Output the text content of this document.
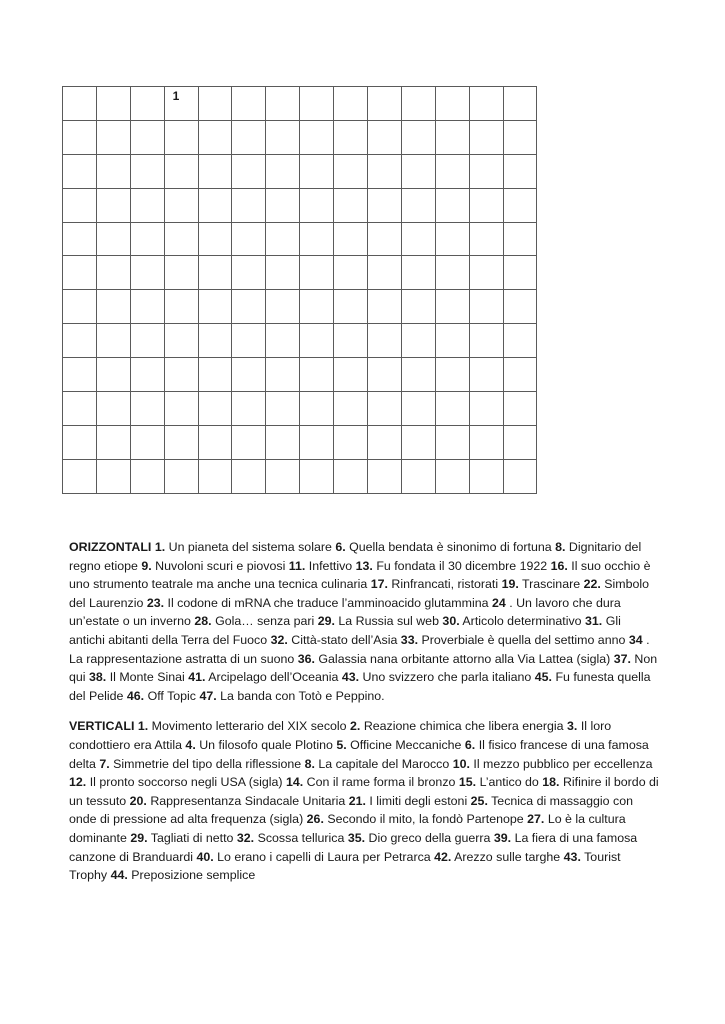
			1										

ORIZZONTALI 1. Un pianeta del sistema solare 6. Quella bendata è sinonimo di fortuna 8. Dignitario del regno etiope 9. Nuvoloni scuri e piovosi 11. Infettivo 13. Fu fondata il 30 dicembre 1922 16. Il suo occhio è uno strumento teatrale ma anche una tecnica culinaria 17. Rinfrancati, ristorati 19. Trascinare 22. Simbolo del Laurenzio 23. Il codone di mRNA che traduce l’amminoacido glutammina 24 . Un lavoro che dura un’estate o un inverno 28. Gola… senza pari 29. La Russia sul web 30. Articolo determinativo 31. Gli antichi abitanti della Terra del Fuoco 32. Città-stato dell’Asia 33. Proverbiale è quella del settimo anno 34 . La rappresentazione astratta di un suono 36. Galassia nana orbitante attorno alla Via Lattea (sigla) 37. Non qui 38. Il Monte Sinai 41. Arcipelago dell’Oceania 43. Uno svizzero che parla italiano 45. Fu funesta quella del Pelide 46. Off Topic 47. La banda con Totò e Peppino.

VERTICALI 1. Movimento letterario del XIX secolo 2. Reazione chimica che libera energia 3. Il loro condottiero era Attila 4. Un filosofo quale Plotino 5. Officine Meccaniche 6. Il fisico francese di una famosa delta 7. Simmetrie del tipo della riflessione 8. La capitale del Marocco 10. Il mezzo pubblico per eccellenza 12. Il pronto soccorso negli USA (sigla) 14. Con il rame forma il bronzo 15. L’antico do 18. Rifinire il bordo di un tessuto 20. Rappresentanza Sindacale Unitaria 21. I limiti degli estoni 25. Tecnica di massaggio con onde di pressione ad alta frequenza (sigla) 26. Secondo il mito, la fondò Partenope 27. Lo è la cultura dominante 29. Tagliati di netto 32. Scossa tellurica 35. Dio greco della guerra 39. La fiera di una famosa canzone di Branduardi 40. Lo erano i capelli di Laura per Petrarca 42. Arezzo sulle targhe 43. Tourist Trophy 44. Preposizione semplice
